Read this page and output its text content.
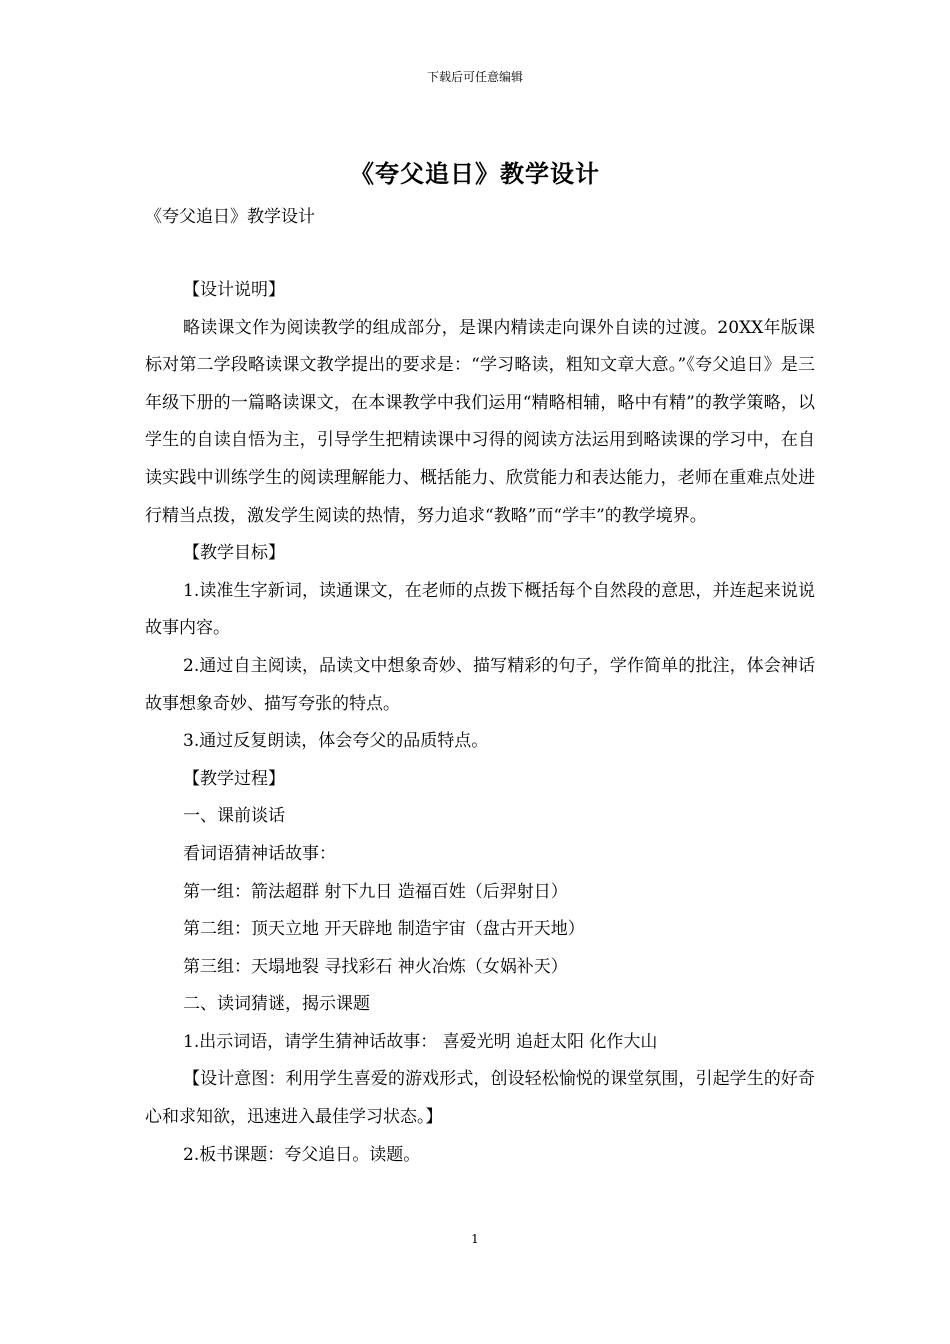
下载后可任意编辑
《夸父追日》教学设计
《夸父追日》教学设计

【设计说明】

略读课文作为阅读教学的组成部分，是课内精读走向课外自读的过渡。20XX年版课标对第二学段略读课文教学提出的要求是：“学习略读，粗知文章大意。”《夸父追日》是三年级下册的一篇略读课文，在本课教学中我们运用“精略相辅，略中有精”的教学策略，以学生的自读自悟为主，引导学生把精读课中习得的阅读方法运用到略读课的学习中，在自读实践中训练学生的阅读理解能力、概括能力、欣赏能力和表达能力，老师在重难点处进行精当点拨，激发学生阅读的热情，努力追求“教略”而“学丰”的教学境界。

【教学目标】

1.读准生字新词，读通课文，在老师的点拨下概括每个自然段的意思，并连起来说说故事内容。

2.通过自主阅读，品读文中想象奇妙、描写精彩的句子，学作简单的批注，体会神话故事想象奇妙、描写夸张的特点。

3.通过反复朗读，体会夸父的品质特点。

【教学过程】

一、课前谈话

看词语猜神话故事：

第一组：箭法超群 射下九日 造福百姓（后羿射日）

第二组：顶天立地 开天辟地 制造宇宙（盘古开天地）

第三组：天塌地裂 寻找彩石 神火冶炼（女娲补天）

二、读词猜谜，揭示课题

1.出示词语，请学生猜神话故事： 喜爱光明 追赶太阳 化作大山

【设计意图：利用学生喜爱的游戏形式，创设轻松愉悦的课堂氛围，引起学生的好奇心和求知欲，迅速进入最佳学习状态。】

2.板书课题：夸父追日。读题。

1
